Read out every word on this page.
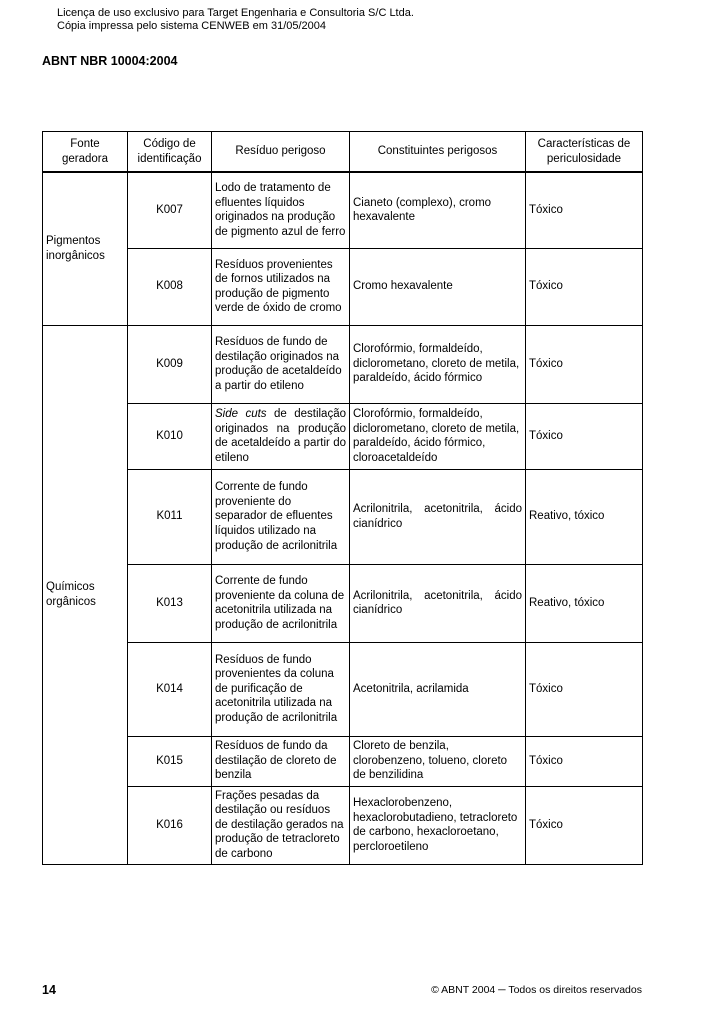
Licença de uso exclusivo para Target Engenharia e Consultoria S/C Ltda.
Cópia impressa pelo sistema CENWEB em 31/05/2004
ABNT NBR 10004:2004
Fonte geradora	Código de identificação	Resíduo perigoso	Constituintes perigosos	Características de periculosidade
Pigmentos inorgânicos	K007	Lodo de tratamento de efluentes líquidos originados na produção de pigmento azul de ferro	Cianeto (complexo), cromo hexavalente	Tóxico
	K008	Resíduos provenientes de fornos utilizados na produção de pigmento verde de óxido de cromo	Cromo hexavalente	Tóxico
Químicos orgânicos	K009	Resíduos de fundo de destilação originados na produção de acetaldeído a partir do etileno	Clorofórmio, formaldeído, diclorometano, cloreto de metila, paraldeído, ácido fórmico	Tóxico
	K010	Side cuts de destilação originados na produção de acetaldeído a partir do etileno	Clorofórmio, formaldeído, diclorometano, cloreto de metila, paraldeído, ácido fórmico, cloroacetaldeído	Tóxico
	K011	Corrente de fundo proveniente do separador de efluentes líquidos utilizado na produção de acrilonitrila	Acrilonitrila, acetonitrila, ácido cianídrico	Reativo, tóxico
	K013	Corrente de fundo proveniente da coluna de acetonitrila utilizada na produção de acrilonitrila	Acrilonitrila, acetonitrila, ácido cianídrico	Reativo, tóxico
	K014	Resíduos de fundo provenientes da coluna de purificação de acetonitrila utilizada na produção de acrilonitrila	Acetonitrila, acrilamida	Tóxico
	K015	Resíduos de fundo da destilação de cloreto de benzila	Cloreto de benzila, clorobenzeno, tolueno, cloreto de benzilidina	Tóxico
	K016	Frações pesadas da destilação ou resíduos de destilação gerados na produção de tetracloreto de carbono	Hexaclorobenzeno, hexaclorobutadieno, tetracloreto de carbono, hexacloroetano, percloroetileno	Tóxico
14	© ABNT 2004 ─ Todos os direitos reservados
